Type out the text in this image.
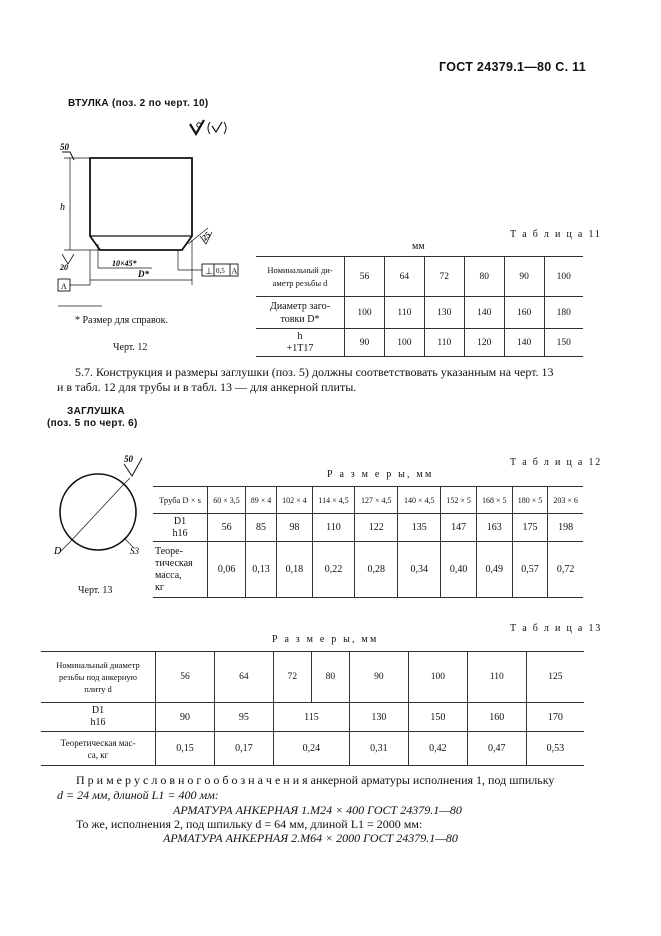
ГОСТ 24379.1—80 С. 11
ВТУЛКА (поз. 2 по черт. 10)
50
h
20	10×45*
D*
25
⊥ 0,5 A
A
* Размер для справок.
Черт. 12
Т а б л и ц а 11
мм
Номинальный ди-
аметр резьбы d	56	64	72	80	90	100
Диаметр заго-
товки D*	100	110	130	140	160	180
h
+1T17	90	100	110	120	140	150
5.7. Конструкция и размеры заглушки (поз. 5) должны соответствовать указанным на черт. 13
и в табл. 12 для трубы и в табл. 13 — для анкерной плиты.
ЗАГЛУШКА
(поз. 5 по черт. 6)
50
D	S3
Черт. 13
Т а б л и ц а 12
Р а з м е р ы, мм
Труба D × s	60 × 3,5	89 × 4	102 × 4	114 × 4,5	127 × 4,5	140 × 4,5	152 × 5	168 × 5	180 × 5	203 × 6
D1
h16	56	85	98	110	122	135	147	163	175	198
Теоре-
тическая
масса,
кг	0,06	0,13	0,18	0,22	0,28	0,34	0,40	0,49	0,57	0,72
Т а б л и ц а 13
Р а з м е р ы, мм
Номинальный диаметр
резьбы под анкерную
плиту d	56	64	72	80	90	100	110	125
D1
h16	90	95	115		130	150	160	170
Теоретическая мас-
са, кг	0,15	0,17	0,24		0,31	0,42	0,47	0,53
П р и м е р у с л о в н о г о о б о з н а ч е н и я анкерной арматуры исполнения 1, под шпильку
d = 24 мм, длиной L1 = 400 мм:
АРМАТУРА АНКЕРНАЯ 1.M24 × 400 ГОСТ 24379.1—80
То же, исполнения 2, под шпильку d = 64 мм, длиной L1 = 2000 мм:
АРМАТУРА АНКЕРНАЯ 2.M64 × 2000 ГОСТ 24379.1—80
